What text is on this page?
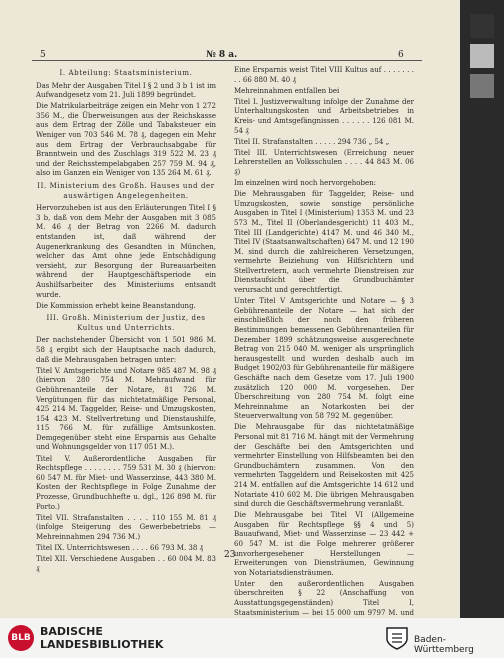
5	№ 8 a.	6

I. Abteilung: Staatsministerium.

Das Mehr der Ausgaben Titel I § 2 und 3 b 1 ist im Aufwandgesetz vom 21. Juli 1899 begründet.

Die Matrikularbeiträge zeigen ein Mehr von 1 272 356 M., die Überweisungen aus der Reichskasse aus dem Ertrag der Zölle und Tabaksteuer ein Weniger von 703 546 M. 78 ₰, dagegen ein Mehr aus dem Ertrag der Verbrauchsabgabe für Branntwein und des Zuschlags 319 522 M. 23 ₰ und der Reichsstempelabgaben 257 759 M. 94 ₰, also im Ganzen ein Weniger von 135 264 M. 61 ₰.

II. Ministerium des Großh. Hauses und der auswärtigen Angelegenheiten.

Hervorzuheben ist aus den Erläuterungen Titel I § 3 b, daß von dem Mehr der Ausgaben mit 3 085 M. 46 ₰ der Betrag von 2266 M. dadurch entstanden ist, daß während der Augenerkrankung des Gesandten in München, welcher das Amt ohne jede Entschädigung versieht, zur Besorgung der Bureauarbeiten während der Hauptgeschäftsperiode ein Aushilfsarbeiter des Ministeriums entsandt wurde.

Die Kommission erhebt keine Beanstandung.

III. Großh. Ministerium der Justiz, des Kultus und Unterrichts.

Der nachstehender Übersicht von 1 501 986 M. 58 ₰ ergibt sich der Hauptsache nach dadurch, daß die Mehrausgaben betragen unter:

Titel V. Amtsgerichte und Notare 985 487 M. 98 ₰ (hiervon 280 754 M. Mehraufwand für Gebührenanteile der Notare, 81 726 M. Vergütungen für das nichtetatmäßige Personal, 425 214 M. Taggelder, Reise- und Umzugskosten, 154 423 M. Stellvertretung und Dienstaushilfe, 115 766 M. für zufällige Amtsunkosten. Demgegenüber steht eine Ersparnis aus Gehalte und Wohnungsgelder von 117 051 M.).

Titel V. Außerordentliche Ausgaben für Rechtspflege . . . . . . . . 759 531 M. 30 ₰ (hiervon: 60 547 M. für Miet- und Wasserzinse, 443 380 M. Kosten der Rechtspflege in Folge Zunahme der Prozesse, Grundbuchhefte u. dgl., 126 898 M. für Porto.)

Titel VII. Strafanstalten . . . . 110 155 M. 81 ₰ (infolge Steigerung des Gewerbebetriebs — Mehreinnahmen 294 736 M.)

Titel IX. Unterrichtswesen . . . . 66 793 M. 38 ₰

Titel XII. Verschiedene Ausgaben . . 60 004 M. 83 ₰

Eine Ersparnis weist Titel VIII Kultus auf . . . . . . . . . 66 880 M. 40 ₰

Mehreinnahmen entfallen bei

Titel I. Justizverwaltung infolge der Zunahme der Unterhaltungskosten und Arbeitsbetriebes in Kreis- und Amtsgefängnissen . . . . . . 126 081 M. 54 ₰

Titel II. Strafanstalten . . . . . 294 736 „ 54 „

Titel III. Unterrichtswesen (Erreichung neuer Lehrerstellen an Volksschulen . . . . 44 843 M. 06 ₰)

Im einzelnen wird noch hervorgehoben:

Die Mehrausgaben für Taggelder, Reise- und Umzugskosten, sowie sonstige persönliche Ausgaben in Titel I (Ministerium) 1353 M. und 23 573 M., Titel II (Oberlandesgericht) 11 403 M., Titel III (Landgerichte) 4147 M. und 46 340 M., Titel IV (Staatsanwaltschaften) 647 M. und 12 190 M. sind durch die zahlreicheren Versetzungen, vermehrte Beiziehung von Hilfsrichtern und Stellvertretern, auch vermehrte Dienstreisen zur Dienstaufsicht über die Grundbuchämter verursacht und gerechtfertigt.

Unter Titel V Amtsgerichte und Notare — § 3 Gebührenanteile der Notare — hat sich der einschließlich der noch den früheren Bestimmungen bemessenen Gebührenanteilen für Dezember 1899 schätzungsweise ausgerechnete Betrag von 215 040 M. weniger als ursprünglich herausgestellt und wurden deshalb auch im Budget 1902/03 für Gebührenanteile für mäßigere Geschäfte nach dem Gesetze vom 17. Juli 1900 zusätzlich 120 000 M. vorgesehen. Der Überschreitung von 280 754 M. folgt eine Mehreinnahme an Notarkosten bei der Steuerverwaltung von 58 792 M. gegenüber.

Die Mehrausgabe für das nichtetatmäßige Personal mit 81 716 M. hängt mit der Vermehrung der Geschäfte bei den Amtsgerichten und vermehrter Einstellung von Hilfsbeamten bei den Grundbuchämtern zusammen. Von den vermehrten Taggeldern und Reisekosten mit 425 214 M. entfallen auf die Amtsgerichte 14 612 und Notariate 410 602 M. Die übrigen Mehrausgaben sind durch die Geschäftsvermehrung veranlaßt.

Die Mehrausgabe bei Titel VI (Allgemeine Ausgaben für Rechtspflege §§ 4 und 5) Bauaufwand, Miet- und Wasserzinse — 23 442 + 60 547 M. ist die Folge mehrerer größerer unvorhergesehener Herstellungen — Erweiterungen von Diensträumen, Gewinnung von Notariatsdiensträumen.

Unter den außerordentlichen Ausgaben überschreiten § 22 (Anschaffung von Ausstattungsgegenständen) Titel I, Staatsministerium — bei 15 000 um 9797 M. und

23
BLB BADISCHE
LANDESBIBLIOTHEK	Baden-Württemberg
